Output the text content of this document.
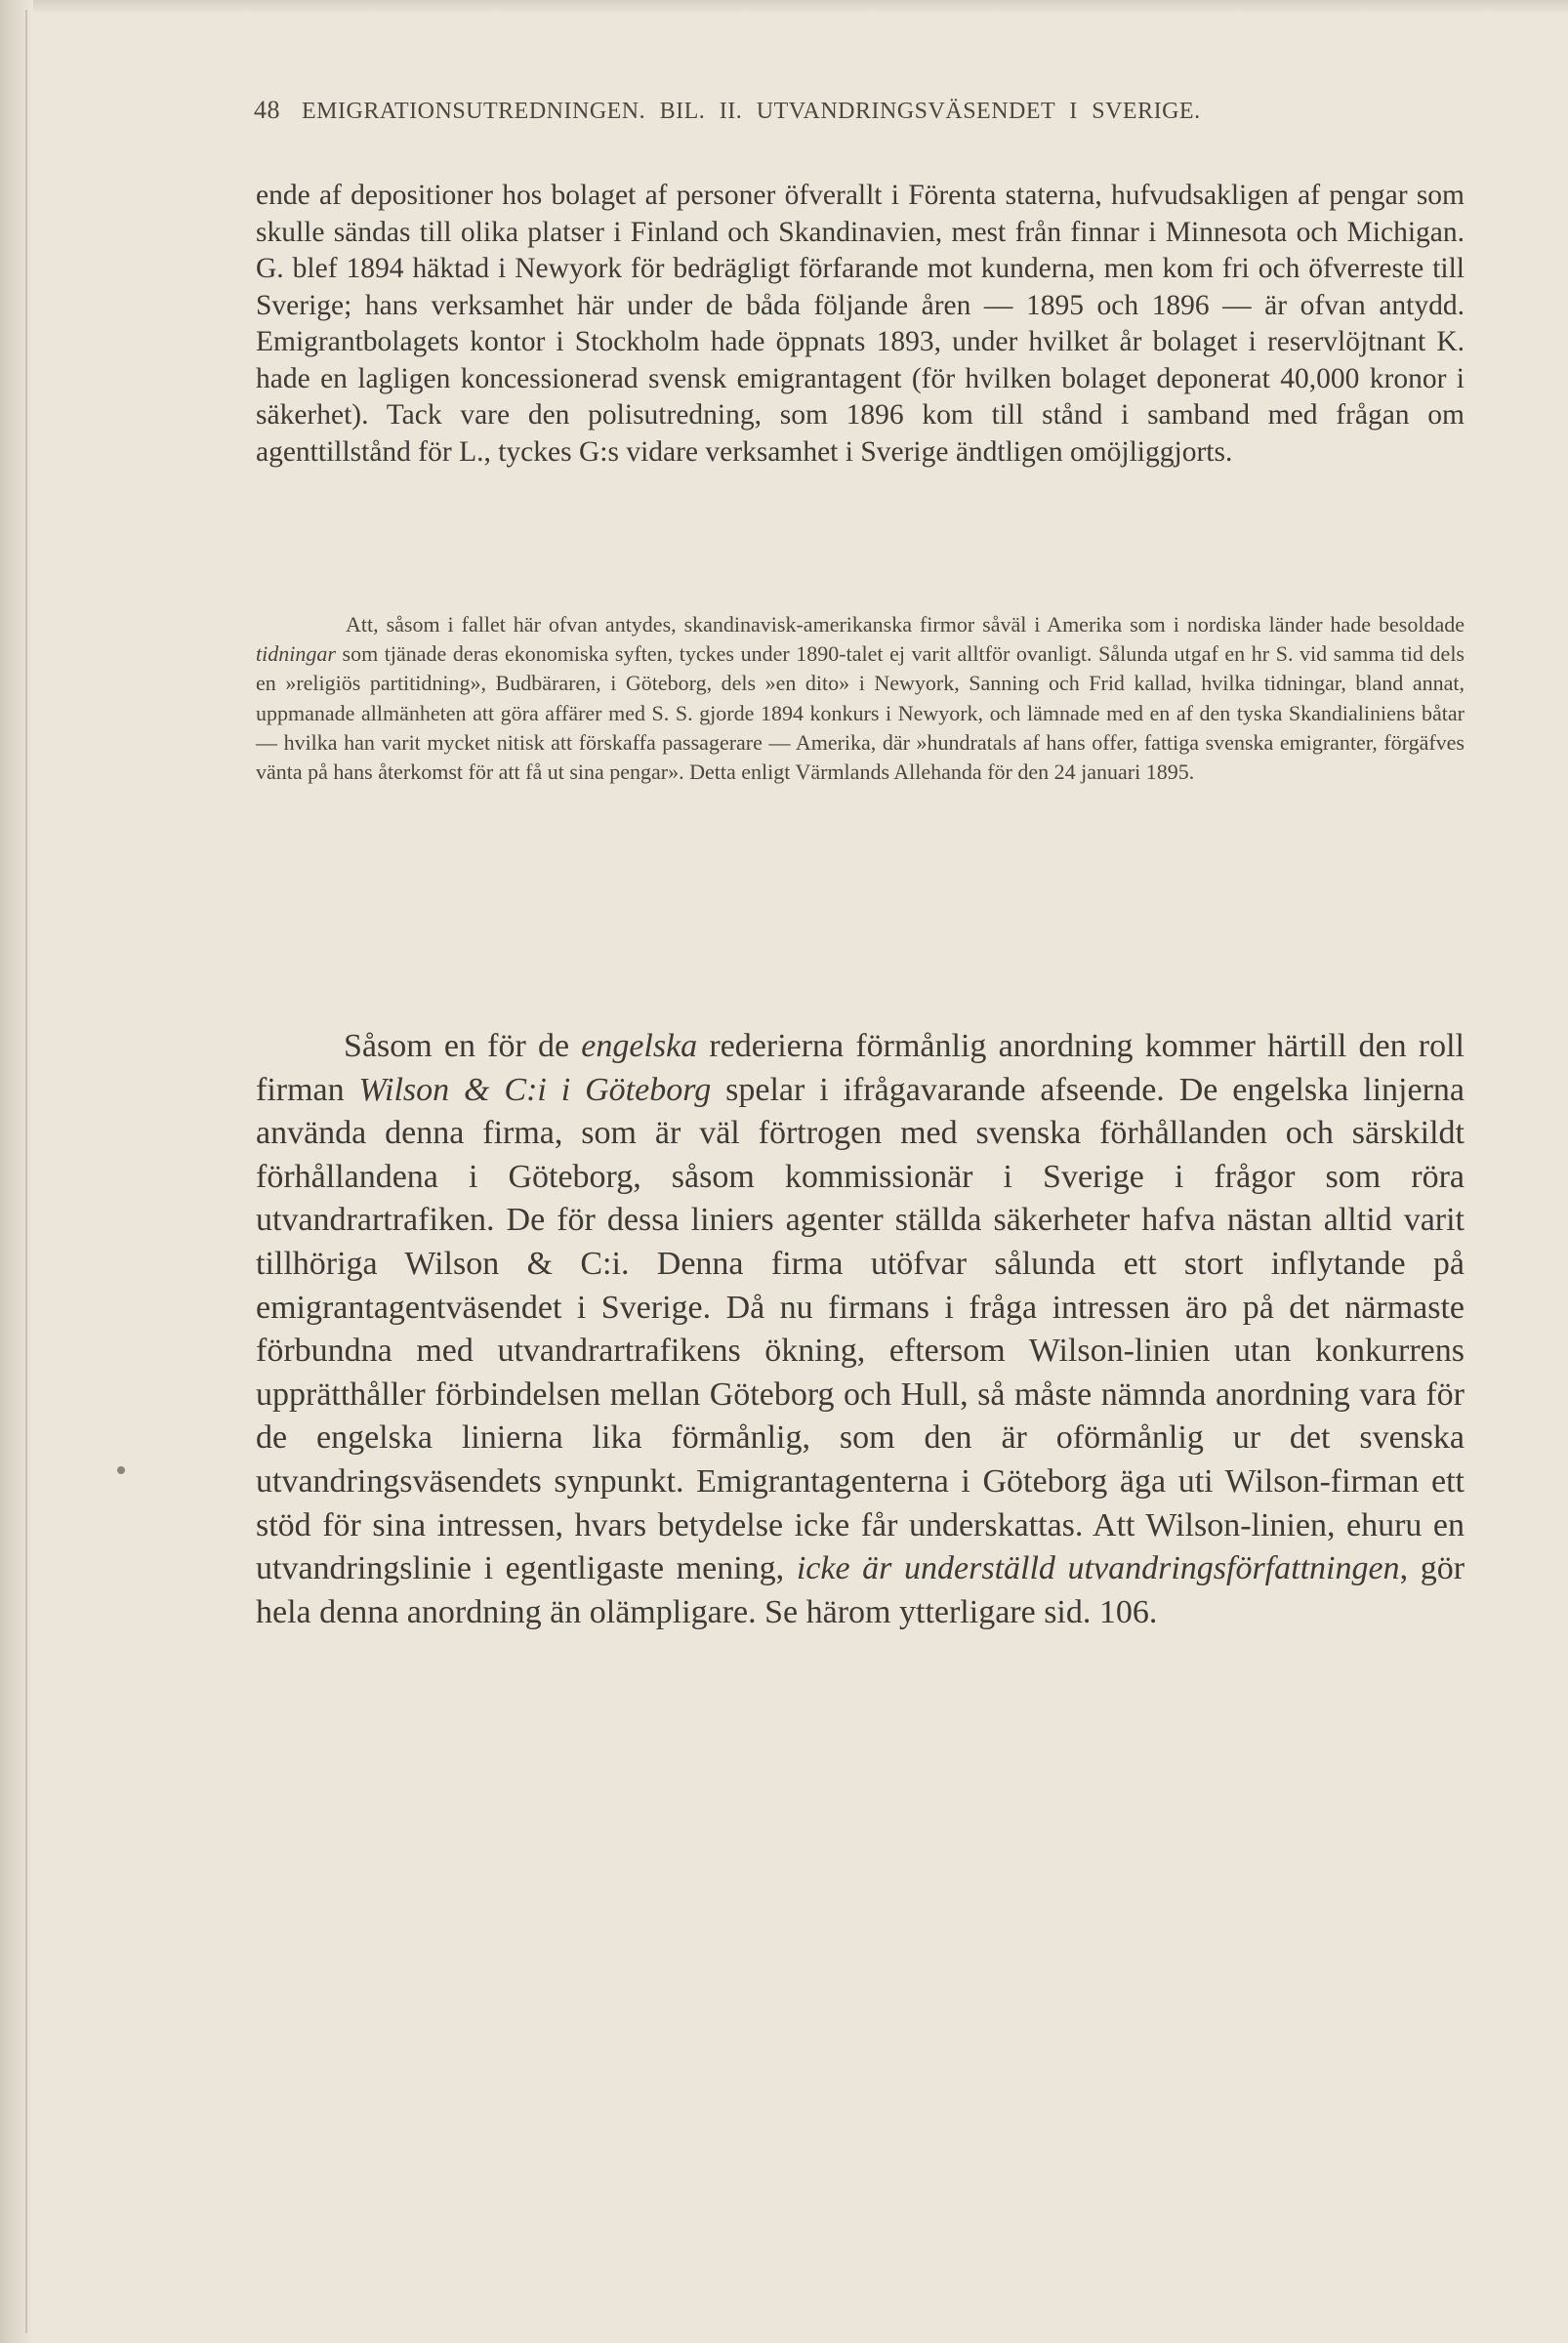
48 EMIGRATIONSUTREDNINGEN. BIL. II. UTVANDRINGSVÄSENDET I SVERIGE.

ende af depositioner hos bolaget af personer öfverallt i Förenta staterna, hufvudsakligen af pengar som skulle sändas till olika platser i Finland och Skandinavien, mest från finnar i Minnesota och Michigan. G. blef 1894 häktad i Newyork för bedrägligt förfarande mot kunderna, men kom fri och öfverreste till Sverige; hans verksamhet här under de båda följande åren — 1895 och 1896 — är ofvan antydd. Emigrantbolagets kontor i Stockholm hade öppnats 1893, under hvilket år bolaget i reservlöjtnant K. hade en lagligen koncessionerad svensk emigrantagent (för hvilken bolaget deponerat 40,000 kronor i säkerhet). Tack vare den polisutredning, som 1896 kom till stånd i samband med frågan om agenttillstånd för L., tyckes G:s vidare verksamhet i Sverige ändtligen omöjliggjorts.

Att, såsom i fallet här ofvan antydes, skandinavisk-amerikanska firmor såväl i Amerika som i nordiska länder hade besoldade tidningar som tjänade deras ekonomiska syften, tyckes under 1890-talet ej varit alltför ovanligt. Sålunda utgaf en hr S. vid samma tid dels en »religiös partitidning», Budbäraren, i Göteborg, dels »en dito» i Newyork, Sanning och Frid kallad, hvilka tidningar, bland annat, uppmanade allmänheten att göra affärer med S. S. gjorde 1894 konkurs i Newyork, och lämnade med en af den tyska Skandialiniens båtar — hvilka han varit mycket nitisk att förskaffa passagerare — Amerika, där »hundratals af hans offer, fattiga svenska emigranter, förgäfves vänta på hans återkomst för att få ut sina pengar». Detta enligt Värmlands Allehanda för den 24 januari 1895.

Såsom en för de engelska rederierna förmånlig anordning kommer härtill den roll firman Wilson & C:i i Göteborg spelar i ifrågavarande afseende. De engelska linjerna använda denna firma, som är väl förtrogen med svenska förhållanden och särskildt förhållandena i Göteborg, såsom kommissionär i Sverige i frågor som röra utvandrartrafiken. De för dessa liniers agenter ställda säkerheter hafva nästan alltid varit tillhöriga Wilson & C:i. Denna firma utöfvar sålunda ett stort inflytande på emigrantagentväsendet i Sverige. Då nu firmans i fråga intressen äro på det närmaste förbundna med utvandrartrafikens ökning, eftersom Wilson-linien utan konkurrens upprätthåller förbindelsen mellan Göteborg och Hull, så måste nämnda anordning vara för de engelska linierna lika förmånlig, som den är oförmånlig ur det svenska utvandringsväsendets synpunkt. Emigrantagenterna i Göteborg äga uti Wilson-firman ett stöd för sina intressen, hvars betydelse icke får underskattas. Att Wilson-linien, ehuru en utvandringslinie i egentligaste mening, icke är underställd utvandringsförfattningen, gör hela denna anordning än olämpligare. Se härom ytterligare sid. 106.
